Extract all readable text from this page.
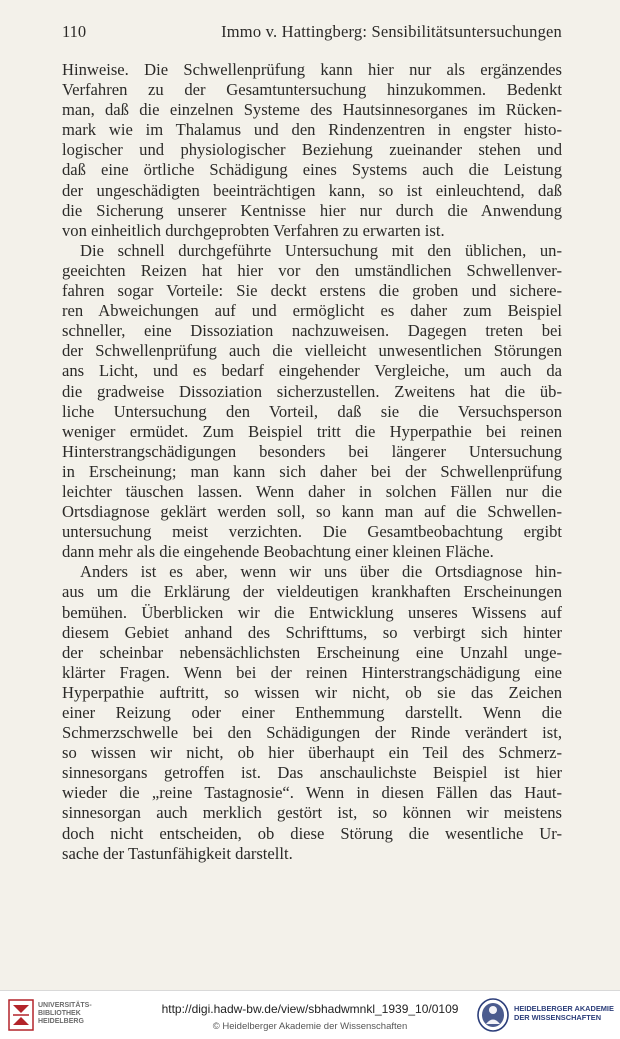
110	Immo v. Hattingberg: Sensibilitätsuntersuchungen
Hinweise. Die Schwellenprüfung kann hier nur als ergänzendes
Verfahren zu der Gesamtuntersuchung hinzukommen. Bedenkt
man, daß die einzelnen Systeme des Hautsinnesorganes im Rücken-
mark wie im Thalamus und den Rindenzentren in engster histo-
logischer und physiologischer Beziehung zueinander stehen und
daß eine örtliche Schädigung eines Systems auch die Leistung
der ungeschädigten beeinträchtigen kann, so ist einleuchtend, daß
die Sicherung unserer Kentnisse hier nur durch die Anwendung
von einheitlich durchgeprobten Verfahren zu erwarten ist.
Die schnell durchgeführte Untersuchung mit den üblichen, un-
geeichten Reizen hat hier vor den umständlichen Schwellenver-
fahren sogar Vorteile: Sie deckt erstens die groben und sichere-
ren Abweichungen auf und ermöglicht es daher zum Beispiel
schneller, eine Dissoziation nachzuweisen. Dagegen treten bei
der Schwellenprüfung auch die vielleicht unwesentlichen Störungen
ans Licht, und es bedarf eingehender Vergleiche, um auch da
die gradweise Dissoziation sicherzustellen. Zweitens hat die üb-
liche Untersuchung den Vorteil, daß sie die Versuchsperson
weniger ermüdet. Zum Beispiel tritt die Hyperpathie bei reinen
Hinterstrangschädigungen besonders bei längerer Untersuchung
in Erscheinung; man kann sich daher bei der Schwellenprüfung
leichter täuschen lassen. Wenn daher in solchen Fällen nur die
Ortsdiagnose geklärt werden soll, so kann man auf die Schwellen-
untersuchung meist verzichten. Die Gesamtbeobachtung ergibt
dann mehr als die eingehende Beobachtung einer kleinen Fläche.
Anders ist es aber, wenn wir uns über die Ortsdiagnose hin-
aus um die Erklärung der vieldeutigen krankhaften Erscheinungen
bemühen. Überblicken wir die Entwicklung unseres Wissens auf
diesem Gebiet anhand des Schrifttums, so verbirgt sich hinter
der scheinbar nebensächlichsten Erscheinung eine Unzahl unge-
klärter Fragen. Wenn bei der reinen Hinterstrangschädigung eine
Hyperpathie auftritt, so wissen wir nicht, ob sie das Zeichen
einer Reizung oder einer Enthemmung darstellt. Wenn die
Schmerzschwelle bei den Schädigungen der Rinde verändert ist,
so wissen wir nicht, ob hier überhaupt ein Teil des Schmerz-
sinnesorgans getroffen ist. Das anschaulichste Beispiel ist hier
wieder die „reine Tastagnosie“. Wenn in diesen Fällen das Haut-
sinnesorgan auch merklich gestört ist, so können wir meistens
doch nicht entscheiden, ob diese Störung die wesentliche Ur-
sache der Tastunfähigkeit darstellt.
UNIVERSITÄTS-
BIBLIOTHEK
HEIDELBERG
http://digi.hadw-bw.de/view/sbhadwmnkl_1939_10/0109
© Heidelberger Akademie der Wissenschaften
HEIDELBERGER AKADEMIE
DER WISSENSCHAFTEN
